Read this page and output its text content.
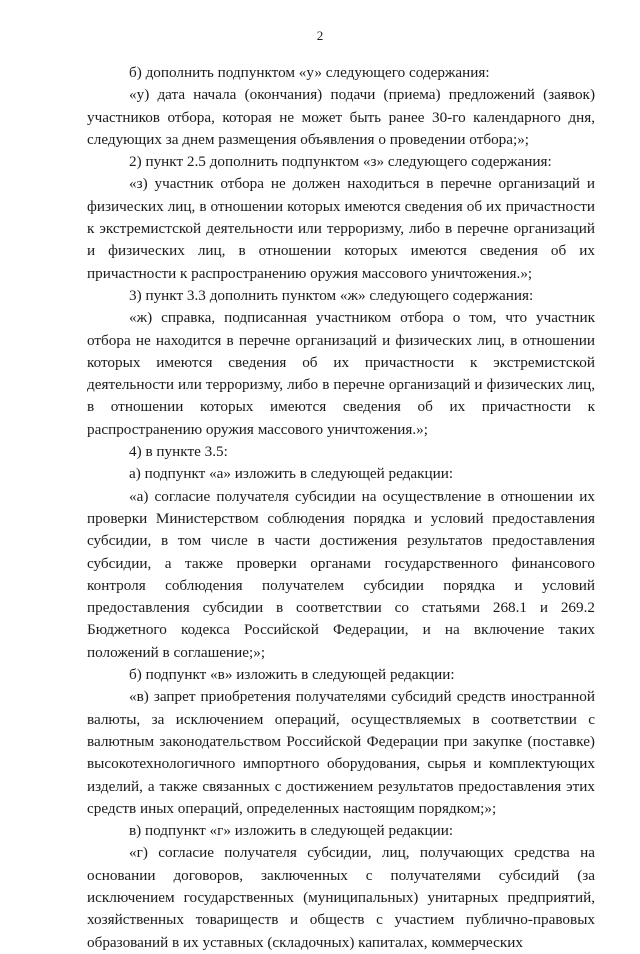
2

б) дополнить подпунктом «у» следующего содержания:

«у) дата начала (окончания) подачи (приема) предложений (заявок) участников отбора, которая не может быть ранее 30-го календарного дня, следующих за днем размещения объявления о проведении отбора;»;

2) пункт 2.5 дополнить подпунктом «з» следующего содержания:

«з) участник отбора не должен находиться в перечне организаций и физических лиц, в отношении которых имеются сведения об их причастности к экстремистской деятельности или терроризму, либо в перечне организаций и физических лиц, в отношении которых имеются сведения об их причастности к распространению оружия массового уничтожения.»;

3) пункт 3.3 дополнить пунктом «ж» следующего содержания:

«ж) справка, подписанная участником отбора о том, что участник отбора не находится в перечне организаций и физических лиц, в отношении которых имеются сведения об их причастности к экстремистской деятельности или терроризму, либо в перечне организаций и физических лиц, в отношении которых имеются сведения об их причастности к распространению оружия массового уничтожения.»;

4) в пункте 3.5:

а) подпункт «а» изложить в следующей редакции:

«а) согласие получателя субсидии на осуществление в отношении их проверки Министерством соблюдения порядка и условий предоставления субсидии, в том числе в части достижения результатов предоставления субсидии, а также проверки органами государственного финансового контроля соблюдения получателем субсидии порядка и условий предоставления субсидии в соответствии со статьями 268.1 и 269.2 Бюджетного кодекса Российской Федерации, и на включение таких положений в соглашение;»;

б) подпункт «в» изложить в следующей редакции:

«в) запрет приобретения получателями субсидий средств иностранной валюты, за исключением операций, осуществляемых в соответствии с валютным законодательством Российской Федерации при закупке (поставке) высокотехнологичного импортного оборудования, сырья и комплектующих изделий, а также связанных с достижением результатов предоставления этих средств иных операций, определенных настоящим порядком;»;

в) подпункт «г» изложить в следующей редакции:

«г) согласие получателя субсидии, лиц, получающих средства на основании договоров, заключенных с получателями субсидий (за исключением государственных (муниципальных) унитарных предприятий, хозяйственных товариществ и обществ с участием публично-правовых образований в их уставных (складочных) капиталах, коммерческих
